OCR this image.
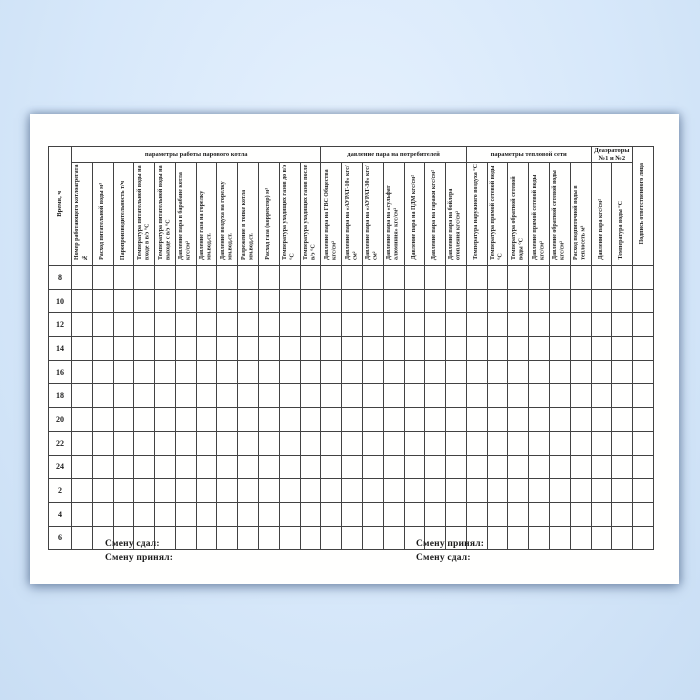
Время, ч	параметры работы парового котла												давление пара на потребителей							параметры тепловой сети						Деаэраторы №1 и №2		Подпись ответственного лица
	Номер работающего котлоагрегата №	Расход питательной воды м³	Паропроизводительность т/ч	Температура питательной воды на входе в в/э °С	Температура питательной воды на выходе с в/э °С	Давление пара в барабане котла кгс/см²	Давление газа на горелку мм.вод.ст.	Давление воздуха на горелку мм.вод.ст.	Разрежение в топке котла мм.вод.ст.	Расход газа (корректор) м³	Температура уходящих газов до в/э °С	Температура уходящих газов после в/э °С	Давление пара на ГВС Общества кгс/см²	Давление пара на «АУРАТ-10» кгс/см²	Давление пара на «АУРАТ-30» кгс/см²	Давление пара на «сульфат алюминия» кгс/см²	Давление пара на ПДМ кгс/см²	Давление пара на гаражи кгс/см²	Давление пара на бойлера отопления кгс/см²	Температура наружного воздуха °С	Температура прямой сетевой воды °С	Температура обратной сетевой воды °С	Давление прямой сетевой воды кгс/см²	Давление обратной сетевой воды кгс/см²	Расход подпиточной воды в теплосеть м³	Давление пара кгс/см²	Температура воды °С	
8																												
10																												
12																												
14																												
16																												
18																												
20																												
22																												
24																												
2																												
4																												
6																												
Смену сдал:
Смену принял:
Смену принял:
Смену сдал:
